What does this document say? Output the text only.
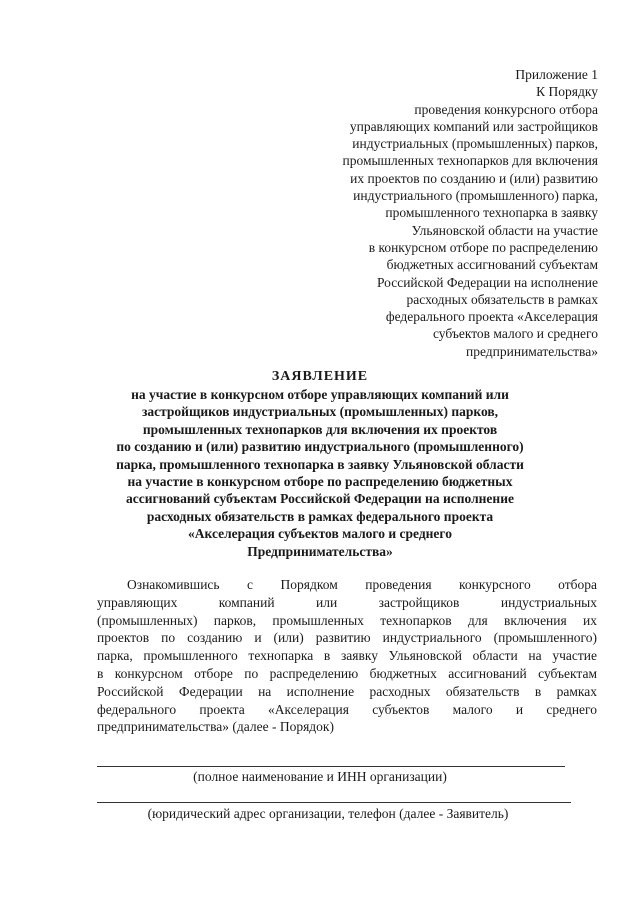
Приложение 1
К Порядку
проведения конкурсного отбора
управляющих компаний или застройщиков
индустриальных (промышленных) парков,
промышленных технопарков для включения
их проектов по созданию и (или) развитию
индустриального (промышленного) парка,
промышленного технопарка в заявку
Ульяновской области на участие
в конкурсном отборе по распределению
бюджетных ассигнований субъектам
Российской Федерации на исполнение
расходных обязательств в рамках
федерального проекта «Акселерация
субъектов малого и среднего
предпринимательства»
ЗАЯВЛЕНИЕ
на участие в конкурсном отборе управляющих компаний или
застройщиков индустриальных (промышленных) парков,
промышленных технопарков для включения их проектов
по созданию и (или) развитию индустриального (промышленного)
парка, промышленного технопарка в заявку Ульяновской области
на участие в конкурсном отборе по распределению бюджетных
ассигнований субъектам Российской Федерации на исполнение
расходных обязательств в рамках федерального проекта
«Акселерация субъектов малого и среднего
Предпринимательства»
Ознакомившись с Порядком проведения конкурсного отбора
управляющих компаний или застройщиков индустриальных
(промышленных) парков, промышленных технопарков для включения их
проектов по созданию и (или) развитию индустриального (промышленного)
парка, промышленного технопарка в заявку Ульяновской области на участие
в конкурсном отборе по распределению бюджетных ассигнований субъектам
Российской Федерации на исполнение расходных обязательств в рамках
федерального проекта «Акселерация субъектов малого и среднего
предпринимательства» (далее - Порядок)
(полное наименование и ИНН организации)
(юридический адрес организации, телефон (далее - Заявитель)
